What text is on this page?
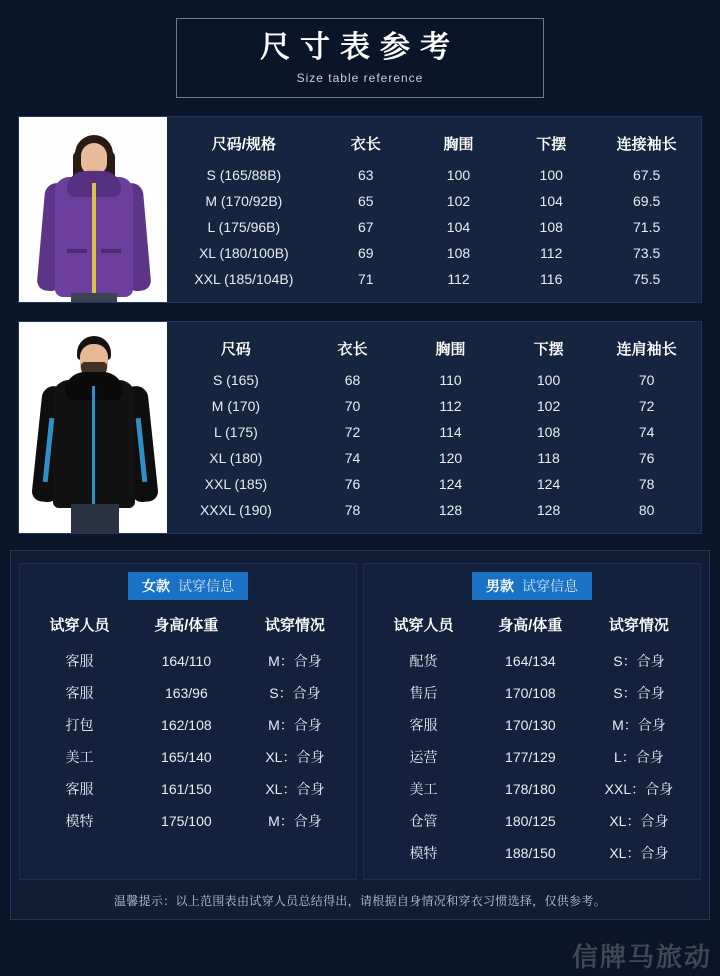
尺寸表参考
Size table reference
尺码/规格	衣长	胸围	下摆	连接袖长
S (165/88B)	63	100	100	67.5
M (170/92B)	65	102	104	69.5
L (175/96B)	67	104	108	71.5
XL (180/100B)	69	108	112	73.5
XXL (185/104B)	71	112	116	75.5
尺码	衣长	胸围	下摆	连肩袖长
S (165)	68	110	100	70
M (170)	70	112	102	72
L (175)	72	114	108	74
XL (180)	74	120	118	76
XXL (185)	76	124	124	78
XXXL (190)	78	128	128	80
女款 试穿信息
试穿人员	身高/体重	试穿情况
客服	164/110	M：合身
客服	163/96	S：合身
打包	162/108	M：合身
美工	165/140	XL：合身
客服	161/150	XL：合身
模特	175/100	M：合身
男款 试穿信息
试穿人员	身高/体重	试穿情况
配货	164/134	S：合身
售后	170/108	S：合身
客服	170/130	M：合身
运营	177/129	L：合身
美工	178/180	XXL：合身
仓管	180/125	XL：合身
模特	188/150	XL：合身
温馨提示：以上范围表由试穿人员总结得出，请根据自身情况和穿衣习惯选择，仅供参考。
信牌马旅动
